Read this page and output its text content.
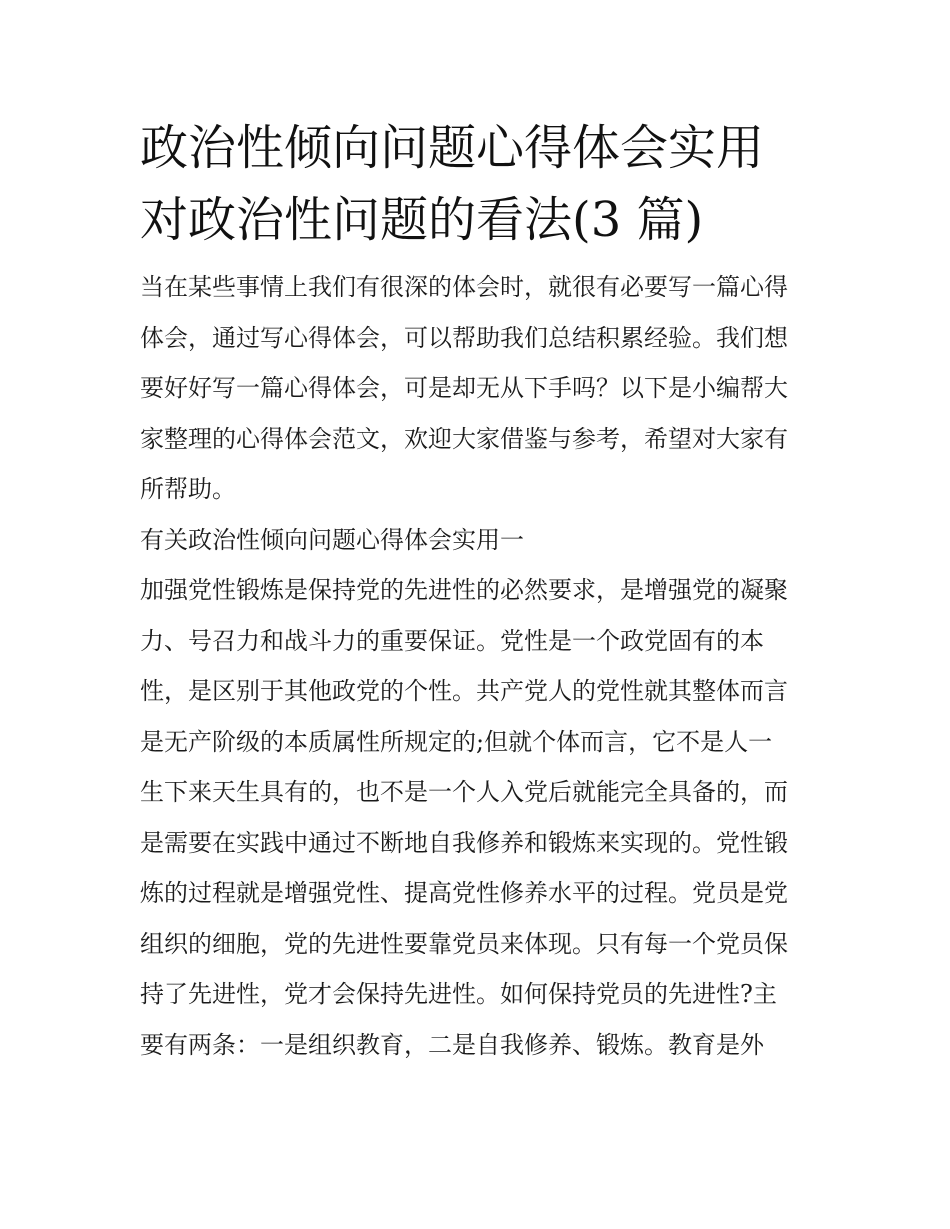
政治性倾向问题心得体会实用
对政治性问题的看法(3 篇)

当在某些事情上我们有很深的体会时，就很有必要写一篇心得
体会，通过写心得体会，可以帮助我们总结积累经验。我们想
要好好写一篇心得体会，可是却无从下手吗？以下是小编帮大
家整理的心得体会范文，欢迎大家借鉴与参考，希望对大家有
所帮助。

有关政治性倾向问题心得体会实用一

加强党性锻炼是保持党的先进性的必然要求，是增强党的凝聚
力、号召力和战斗力的重要保证。党性是一个政党固有的本
性，是区别于其他政党的个性。共产党人的党性就其整体而言
是无产阶级的本质属性所规定的;但就个体而言，它不是人一
生下来天生具有的，也不是一个人入党后就能完全具备的，而
是需要在实践中通过不断地自我修养和锻炼来实现的。党性锻
炼的过程就是增强党性、提高党性修养水平的过程。党员是党
组织的细胞，党的先进性要靠党员来体现。只有每一个党员保
持了先进性，党才会保持先进性。如何保持党员的先进性?主
要有两条：一是组织教育，二是自我修养、锻炼。教育是外
